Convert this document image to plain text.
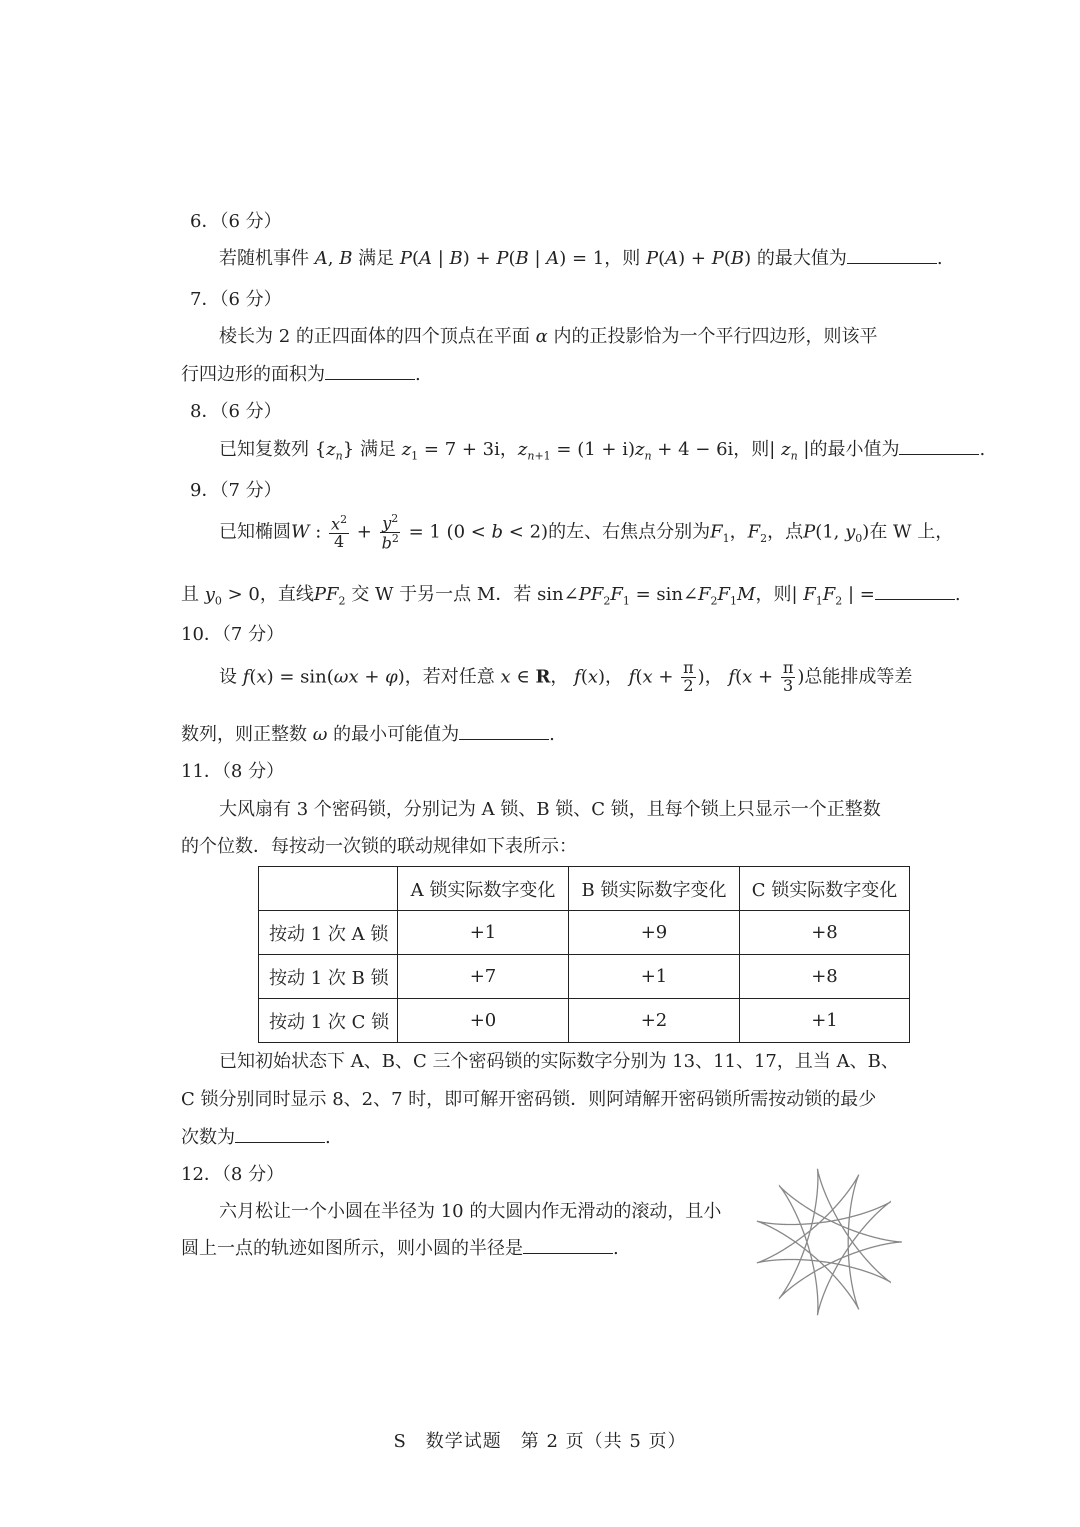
6．（6 分）
若随机事件 A, B 满足 P(A | B) + P(B | A) = 1，则 P(A) + P(B) 的最大值为	.
7．（6 分）
棱长为 2 的正四面体的四个顶点在平面 α 内的正投影恰为一个平行四边形，则该平
行四边形的面积为	.
8．（6 分）
已知复数列 $\{z_n\}$ 满足 $z_1 = 7 + 3i$，$z_{n+1} = (1 + i)z_n + 4 - 6i$，则| $z_n$ |的最小值为	.
9．（7 分）
已知椭圆W : $\frac{x^2}{4} + \frac{y^2}{b^2} = 1$ (0 < b < 2)的左、右焦点分别为$F_1$，$F_2$，点P(1, $y_0$)在 W 上，
且 $y_0 > 0$，直线$PF_2$ 交 W 于另一点 M．若 $\sin\angle PF_2F_1$ = $\sin\angle F_2F_1M$，则| $F_1F_2$ | =	.
10．（7 分）
设 f(x) = sin(ωx + φ)，若对任意 x ∈ R， f(x)， $f(x + \frac{\pi}{2}$ )， $f(x + \frac{\pi}{3}$ )总能排成等差
数列，则正整数 ω 的最小可能值为	.
11．（8 分）
大风扇有 3 个密码锁，分别记为 A 锁、B 锁、C 锁，且每个锁上只显示一个正整数
的个位数．每按动一次锁的联动规律如下表所示：
	A 锁实际数字变化	B 锁实际数字变化	C 锁实际数字变化
按动 1 次 A 锁	+1	+9	+8
按动 1 次 B 锁	+7	+1	+8
按动 1 次 C 锁	+0	+2	+1
已知初始状态下 A、B、C 三个密码锁的实际数字分别为 13、11、17，且当 A、B、
C 锁分别同时显示 8、2、7 时，即可解开密码锁．则阿靖解开密码锁所需按动锁的最少
次数为	.
12．（8 分）
六月松让一个小圆在半径为 10 的大圆内作无滑动的滚动，且小
圆上一点的轨迹如图所示，则小圆的半径是	.
S　数学试题　第 2 页（共 5 页）
